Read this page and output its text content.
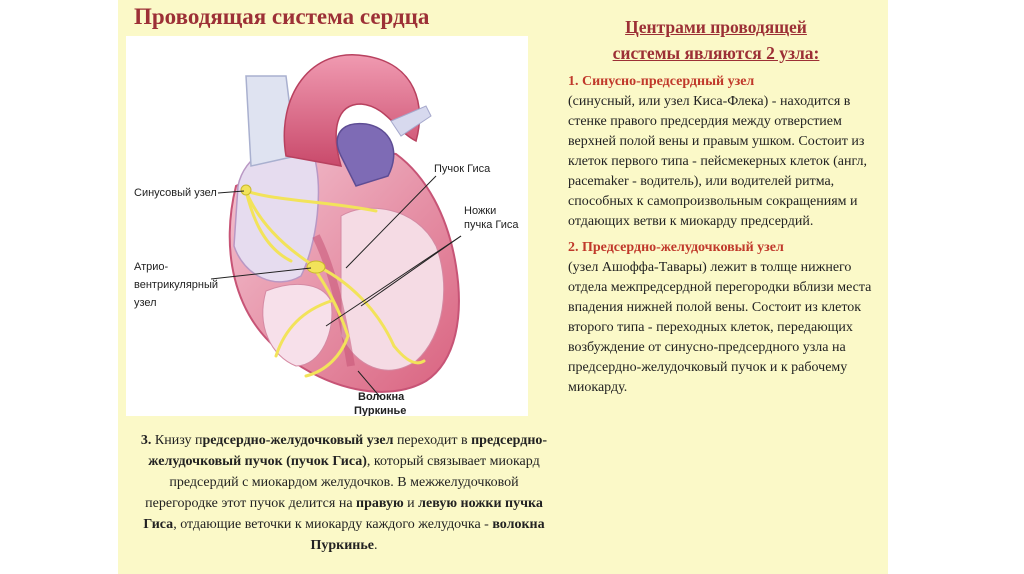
Проводящая система сердца
Синусовый узел
Пучок Гиса
Ножки
пучка Гиса
Атрио-
вентрикулярный
узел
Волокна
Пуркинье
Центрами проводящей
системы являются 2 узла:

1. Синусно-предсердный узел
(синусный, или узел Киса-Флека) - находится в стенке правого предсердия между отверстием верхней полой вены и правым ушком. Состоит из клеток первого типа - пейсмекерных клеток (англ, pacemaker - водитель), или водителей ритма, способных к самопроизвольным сокращениям и отдающих ветви к миокарду предсердий.

2. Предсердно-желудочковый узел
(узел Ашоффа-Тавары) лежит в толще нижнего отдела межпредсердной перегородки вблизи места впадения нижней полой вены. Состоит из клеток второго типа - переходных клеток, передающих возбуждение от синусно-предсердного узла на предсердно-желудочковый пучок и к рабочему миокарду.

3. Книзу предсердно-желудочковый узел переходит в предсердно-желудочковый пучок (пучок Гиса), который связывает миокард предсердий с миокардом желудочков. В межжелудочковой перегородке этот пучок делится на правую и левую ножки пучка Гиса, отдающие веточки к миокарду каждого желудочка - волокна Пуркинье.
